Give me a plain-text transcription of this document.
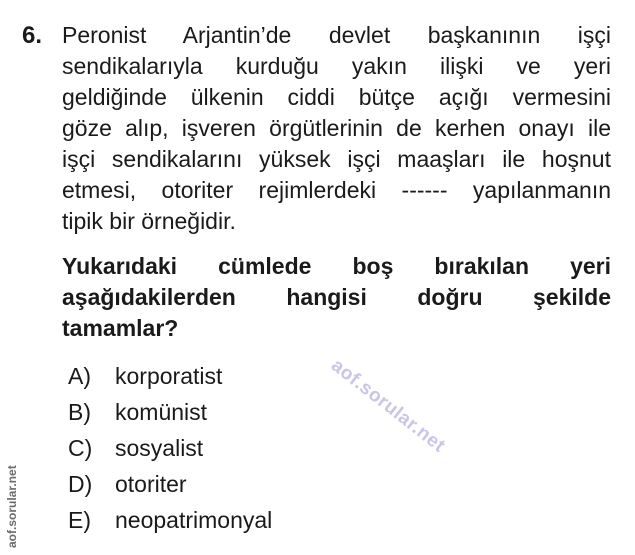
6. Peronist Arjantin’de devlet başkanının işçi
sendikalarıyla kurduğu yakın ilişki ve yeri
geldiğinde ülkenin ciddi bütçe açığı vermesini
göze alıp, işveren örgütlerinin de kerhen onayı ile
işçi sendikalarını yüksek işçi maaşları ile hoşnut
etmesi, otoriter rejimlerdeki ------ yapılanmanın
tipik bir örneğidir.
Yukarıdaki cümlede boş bırakılan yeri
aşağıdakilerden hangisi doğru şekilde
tamamlar?
A)	korporatist
B)	komünist
C) sosyalist
D) otoriter
E)	neopatrimonyal
aof.sorular.net
aof.sorular.net
